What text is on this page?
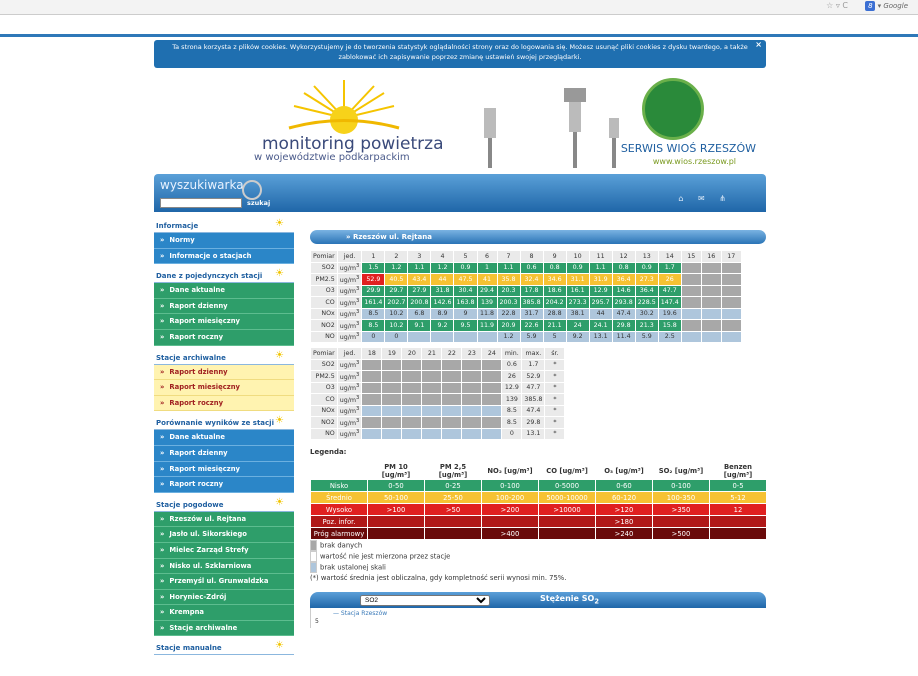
☆ ▿ C	8 ▾ Google
Ta strona korzysta z plików cookies. Wykorzystujemy je do tworzenia statystyk oglądalności strony oraz do logowania się. Możesz usunąć pliki cookies z dysku twardego, a także zablokować ich zapisywanie poprzez zmianę ustawień swojej przeglądarki.
×
monitoring powietrza
w województwie podkarpackim
SERWIS WIOŚ RZESZÓW
www.wios.rzeszow.pl
wyszukiwarka
szukaj	⌂ ✉ ⋔
Informacje	☀
» Normy
» Informacje o stacjach
Dane z pojedynczych stacji ☀
» Dane aktualne
» Raport dzienny
» Raport miesięczny
» Raport roczny
Stacje archiwalne	☀
» Raport dzienny
» Raport miesięczny
» Raport roczny
Porównanie wyników ze stacji ☀
» Dane aktualne
» Raport dzienny
» Raport miesięczny
» Raport roczny
Stacje pogodowe	☀
» Rzeszów ul. Rejtana
» Jasło ul. Sikorskiego
» Mielec Zarząd Strefy
» Nisko ul. Szklarniowa
» Przemyśl ul. Grunwaldzka
» Horyniec-Zdrój
» Krempna
» Stacje archiwalne
Stacje manualne	☀
» Rzeszów ul. Rejtana
Pomiar	jed.	1	2	3	4	5	6	7	8	9	10	11	12	13	14	15	16	17
SO2	$ug/m^3$	1.5	1.2	1.1	1.2	0.9	1	1.1	0.6	0.8	0.9	1.1	0.8	0.9	1.7			
PM2.5	$ug/m^3$	52.9	40.5	43.4	44	47.5	41	35.8	32.4	34.6	31.1	31.9	36.4	27.3	26			
O3	$ug/m^3$	29.9	29.7	27.9	31.8	30.4	29.4	20.3	17.8	18.6	16.1	12.9	14.6	36.4	47.7			
CO	$ug/m^3$	161.4	202.7	200.8	142.6	163.8	139	200.3	385.8	204.2	273.3	295.7	293.8	228.5	147.4			
NOx	$ug/m^3$	8.5	10.2	6.8	8.9	9	11.8	22.8	31.7	28.8	38.1	44	47.4	30.2	19.6			
NO2	$ug/m^3$	8.5	10.2	9.1	9.2	9.5	11.9	20.9	22.6	21.1	24	24.1	29.8	21.3	15.8			
NO	$ug/m^3$	0	0					1.2	5.9	5	9.2	13.1	11.4	5.9	2.5			
Pomiar	jed.	18	19	20	21	22	23	24	min.	max.	śr.
SO2	$ug/m^3$								0.6	1.7	*
PM2.5	$ug/m^3$								26	52.9	*
O3	$ug/m^3$								12.9	47.7	*
CO	$ug/m^3$								139	385.8	*
NOx	$ug/m^3$								8.5	47.4	*
NO2	$ug/m^3$								8.5	29.8	*
NO	$ug/m^3$								0	13.1	*
Legenda:
	PM 10 [ug/m³]	PM 2,5 [ug/m³]	NO₂ [ug/m³]	CO [ug/m³]	O₃ [ug/m³]	SO₂ [ug/m³]	Benzen [ug/m³]
Nisko	0-50	0-25	0-100	0-5000	0-60	0-100	0-5
Średnio	50-100	25-50	100-200	5000-10000	60-120	100-350	5-12
Wysoko	>100	>50	>200	>10000	>120	>350	12
Poz. infor.					>180		
Próg alarmowy			>400		>240	>500	
brak danych
wartość nie jest mierzona przez stacje
brak ustalonej skali
(*) wartość średnia jest obliczalna, gdy kompletność serii wynosi min. 75%.
SO2
Stężenie $SO_2$
— Stacja Rzeszów
5
